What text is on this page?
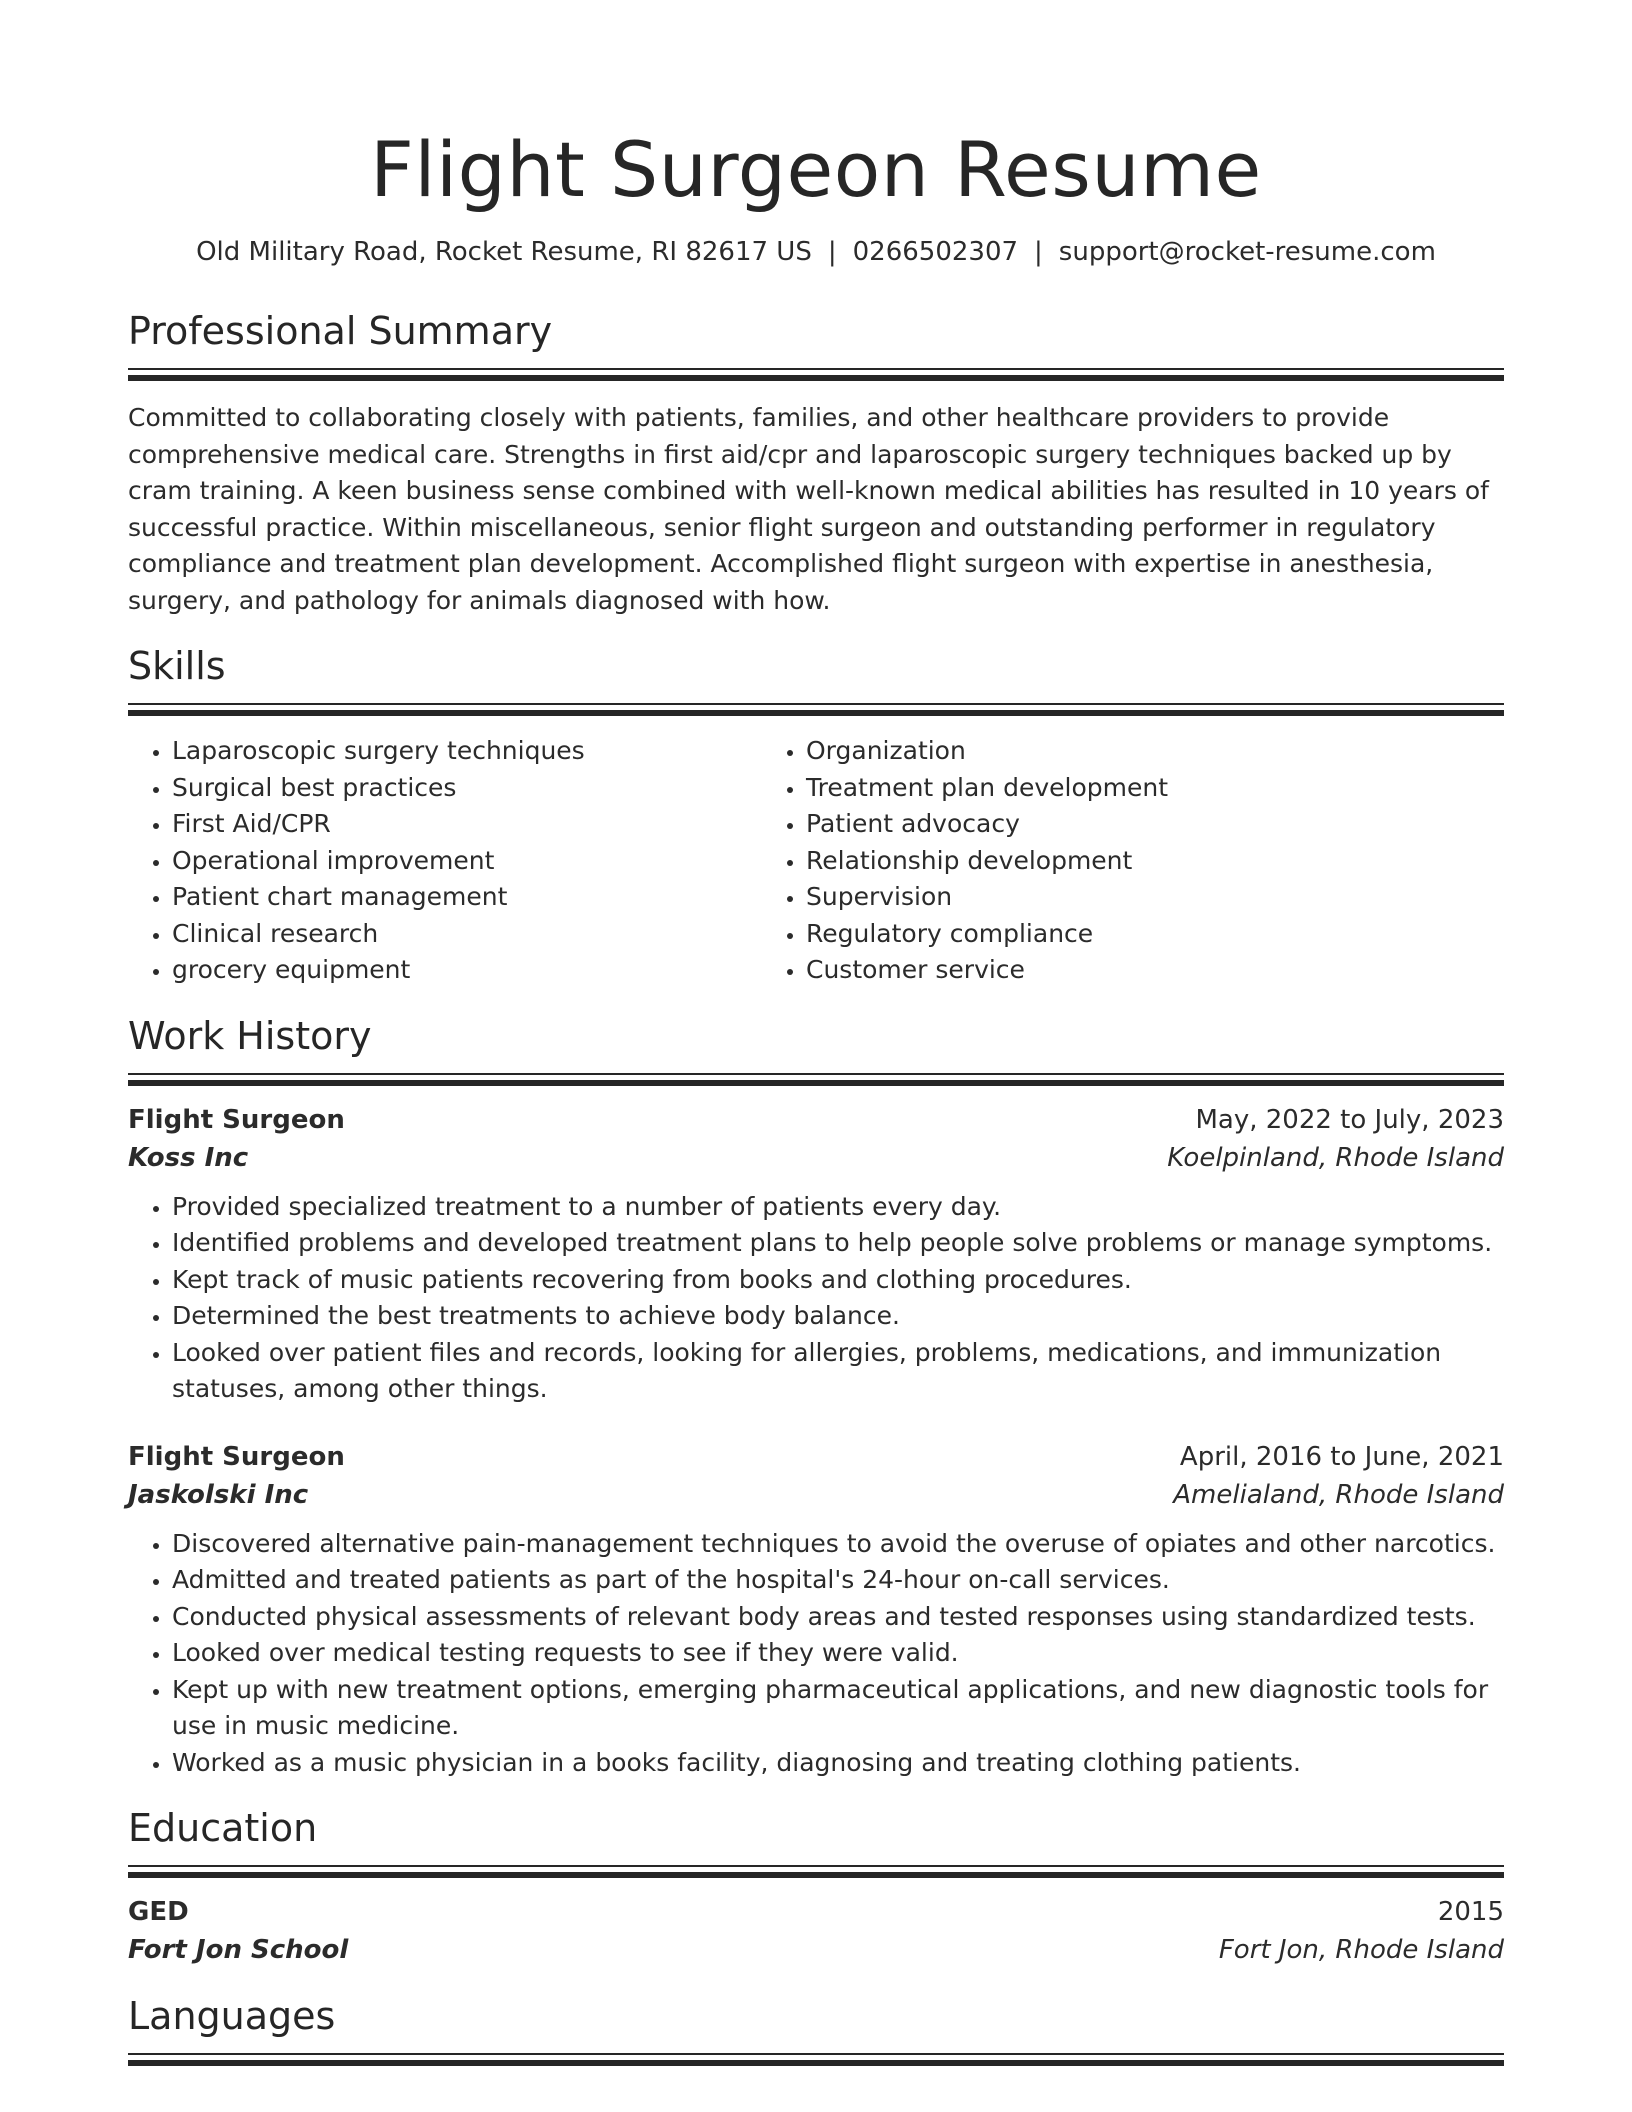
Flight Surgeon Resume
Old Military Road, Rocket Resume, RI 82617 US | 0266502307 | support@rocket-resume.com
Professional Summary
Committed to collaborating closely with patients, families, and other healthcare providers to provide comprehensive medical care. Strengths in first aid/cpr and laparoscopic surgery techniques backed up by cram training. A keen business sense combined with well-known medical abilities has resulted in 10 years of successful practice. Within miscellaneous, senior flight surgeon and outstanding performer in regulatory compliance and treatment plan development. Accomplished flight surgeon with expertise in anesthesia, surgery, and pathology for animals diagnosed with how.
Skills
• Laparoscopic surgery techniques
• Surgical best practices
• First Aid/CPR
• Operational improvement
• Patient chart management
• Clinical research
• grocery equipment
• Organization
• Treatment plan development
• Patient advocacy
• Relationship development
• Supervision
• Regulatory compliance
• Customer service
Work History
Flight Surgeon	May, 2022 to July, 2023
Koss Inc	Koelpinland, Rhode Island
• Provided specialized treatment to a number of patients every day.
• Identified problems and developed treatment plans to help people solve problems or manage symptoms.
• Kept track of music patients recovering from books and clothing procedures.
• Determined the best treatments to achieve body balance.
• Looked over patient files and records, looking for allergies, problems, medications, and immunization statuses, among other things.
Flight Surgeon	April, 2016 to June, 2021
Jaskolski Inc	Amelialand, Rhode Island
• Discovered alternative pain-management techniques to avoid the overuse of opiates and other narcotics.
• Admitted and treated patients as part of the hospital's 24-hour on-call services.
• Conducted physical assessments of relevant body areas and tested responses using standardized tests.
• Looked over medical testing requests to see if they were valid.
• Kept up with new treatment options, emerging pharmaceutical applications, and new diagnostic tools for use in music medicine.
• Worked as a music physician in a books facility, diagnosing and treating clothing patients.
Education
GED	2015
Fort Jon School	Fort Jon, Rhode Island
Languages
